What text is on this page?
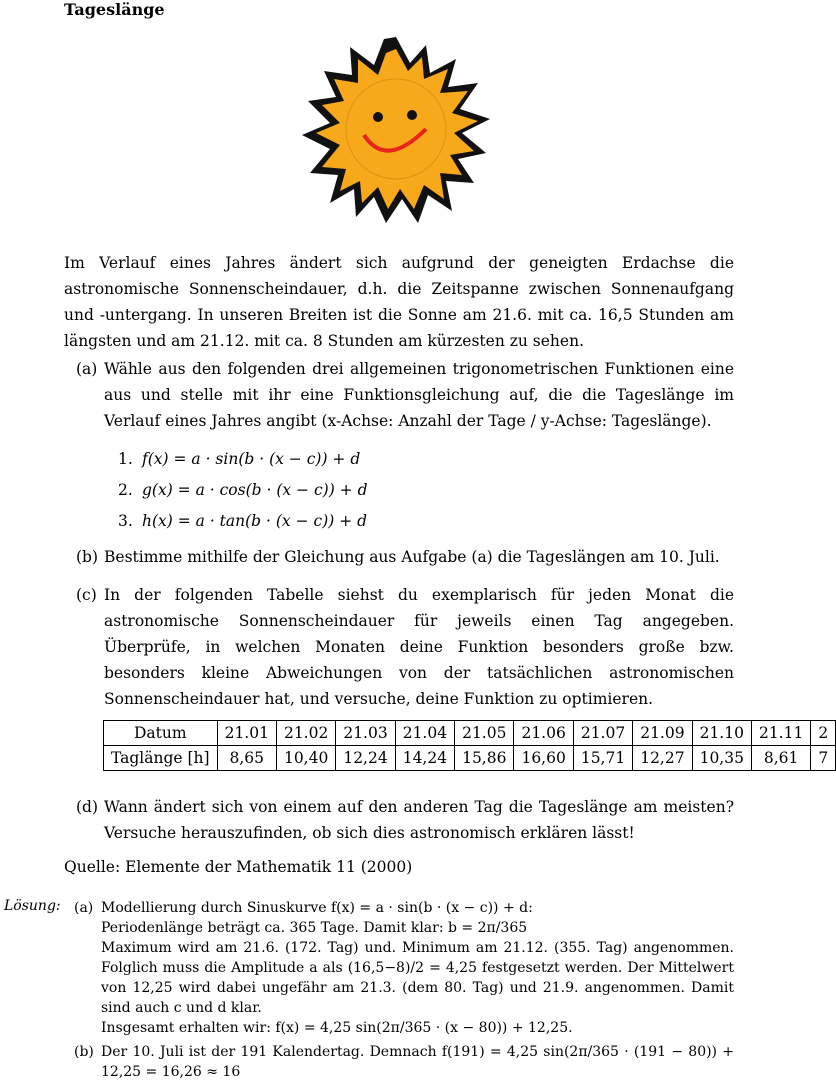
Tageslänge
Im Verlauf eines Jahres ändert sich aufgrund der geneigten Erdachse die astronomische Sonnenscheindauer, d.h. die Zeitspanne zwischen Sonnenaufgang und -untergang. In unseren Breiten ist die Sonne am 21.6. mit ca. 16,5 Stunden am längsten und am 21.12. mit ca. 8 Stunden am kürzesten zu sehen.
(a) Wähle aus den folgenden drei allgemeinen trigonometrischen Funktionen eine aus und stelle mit ihr eine Funktionsgleichung auf, die die Tageslänge im Verlauf eines Jahres angibt (x-Achse: Anzahl der Tage / y-Achse: Tageslänge).
1. f(x) = a · sin(b · (x − c)) + d
2. g(x) = a · cos(b · (x − c)) + d
3. h(x) = a · tan(b · (x − c)) + d
(b) Bestimme mithilfe der Gleichung aus Aufgabe (a) die Tageslängen am 10. Juli.
(c) In der folgenden Tabelle siehst du exemplarisch für jeden Monat die astronomische Sonnenscheindauer für jeweils einen Tag angegeben. Überprüfe, in welchen Monaten deine Funktion besonders große bzw. besonders kleine Abweichungen von der tatsächlichen astronomischen Sonnenscheindauer hat, und versuche, deine Funktion zu optimieren.
Datum	21.01	21.02	21.03	21.04	21.05	21.06	21.07	21.09	21.10	21.11	2
Taglänge [h]	8,65	10,40	12,24	14,24	15,86	16,60	15,71	12,27	10,35	8,61	7
(d) Wann ändert sich von einem auf den anderen Tag die Tageslänge am meisten? Versuche herauszufinden, ob sich dies astronomisch erklären lässt!
Quelle: Elemente der Mathematik 11 (2000)
Lösung: (a) Modellierung durch Sinuskurve f(x) = a · sin(b · (x − c)) + d:
Periodenlänge beträgt ca. 365 Tage. Damit klar: b = 2π/365
Maximum wird am 21.6. (172. Tag) und. Minimum am 21.12. (355. Tag) angenommen. Folglich muss die Amplitude a als (16,5−8)/2 = 4,25 festgesetzt werden. Der Mittelwert von 12,25 wird dabei ungefähr am 21.3. (dem 80. Tag) und 21.9. angenommen. Damit sind auch c und d klar.
Insgesamt erhalten wir: f(x) = 4,25 sin(2π/365 · (x − 80)) + 12,25.
(b) Der 10. Juli ist der 191 Kalendertag. Demnach f(191) = 4,25 sin(2π/365 · (191 − 80)) + 12,25 = 16,26 ≈ 16
